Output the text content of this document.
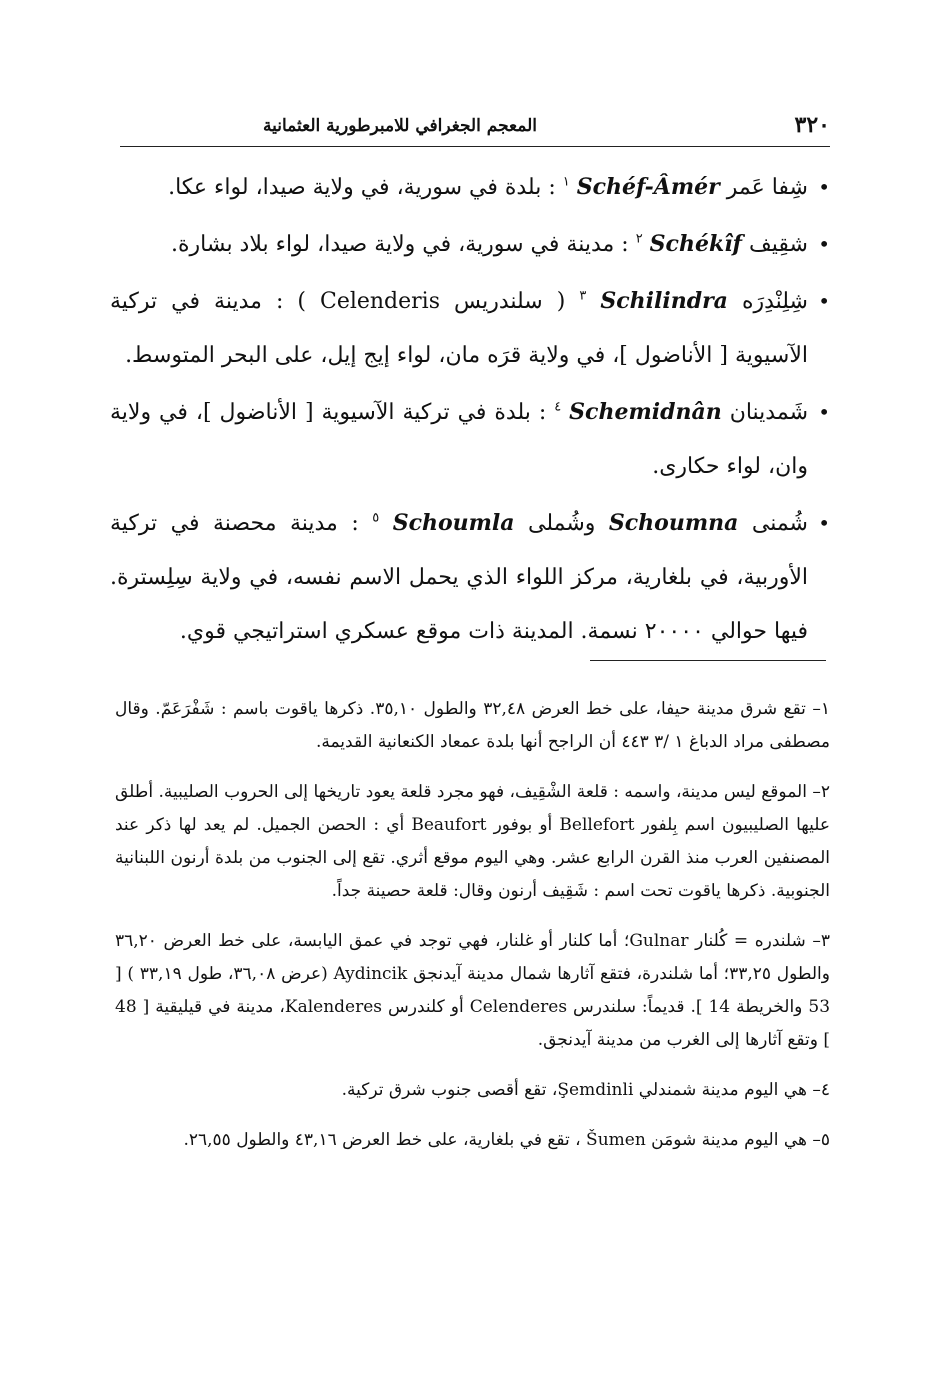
٣٢٠
المعجم الجغرافي للامبرطورية العثمانية
•
شِفا عَمر Schéf-Âmér $^١$ : بلدة في سورية، في ولاية صيدا، لواء عكا.
•
شقِيف Schékîf $^٢$ : مدينة في سورية، في ولاية صيدا، لواء بلاد بشارة.
•
شِلِنْدِرَه Schilindra $^٣$ ( سلندريس Celenderis ) : مدينة في تركية الآسيوية [ الأناضول ]، في ولاية قرَه مان، لواء إيج إيل، على البحر المتوسط.
•
شَمدينان Schemidnân $^٤$ : بلدة في تركية الآسيوية [ الأناضول ]، في ولاية وان، لواء حكارى.
•
شُمنى Schoumna وشُملى Schoumla $^٥$ : مدينة محصنة في تركية الأوربية، في بلغارية، مركز اللواء الذي يحمل الاسم نفسه، في ولاية سِلِسترة. فيها حوالي ٢٠٠٠٠ نسمة. المدينة ذات موقع عسكري استراتيجي قوي.

١– تقع شرق مدينة حيفا، على خط العرض ٣٢,٤٨ والطول ٣٥,١٠. ذكرها ياقوت باسم : شَفْرَعَمّ. وقال مصطفى مراد الدباغ ١ /٣ ٤٤٣ أن الراجح أنها بلدة عمعاد الكنعانية القديمة.

٢– الموقع ليس مدينة، واسمه : قلعة الشْقِيف، فهو مجرد قلعة يعود تاريخها إلى الحروب الصليبية. أطلق عليها الصليبيون اسم بِلفور Bellefort أو بوفور Beaufort أي : الحصن الجميل. لم يعد لها ذكر عند المصنفين العرب منذ القرن الرابع عشر. وهي اليوم موقع أثري. تقع إلى الجنوب من بلدة أرنون اللبنانية الجنوبية. ذكرها ياقوت تحت اسم : شَقِيف أرنون وقال: قلعة حصينة جداً.

٣– شلندره = كُلنار Gulnar؛ أما كلنار أو غلنار، فهي توجد في عمق اليابسة، على خط العرض ٣٦,٢٠ والطول ٣٣,٢٥؛ أما شلندرة، فتقع آثارها شمال مدينة آيدنجق Aydincik (عرض ٣٦,٠٨، طول ٣٣,١٩ ) [ 53 والخريطة 14 ]. قديماً: سلندرس Celenderes أو كلندرس Kalenderes، مدينة في قيليقية [ 48 ] وتقع آثارها إلى الغرب من مدينة آيدنجق.

٤– هي اليوم مدينة شمندلي Şemdinli، تقع أقصى جنوب شرق تركية.

٥– هي اليوم مدينة شومَن Šumen ، تقع في بلغارية، على خط العرض ٤٣,١٦ والطول ٢٦,٥٥.
